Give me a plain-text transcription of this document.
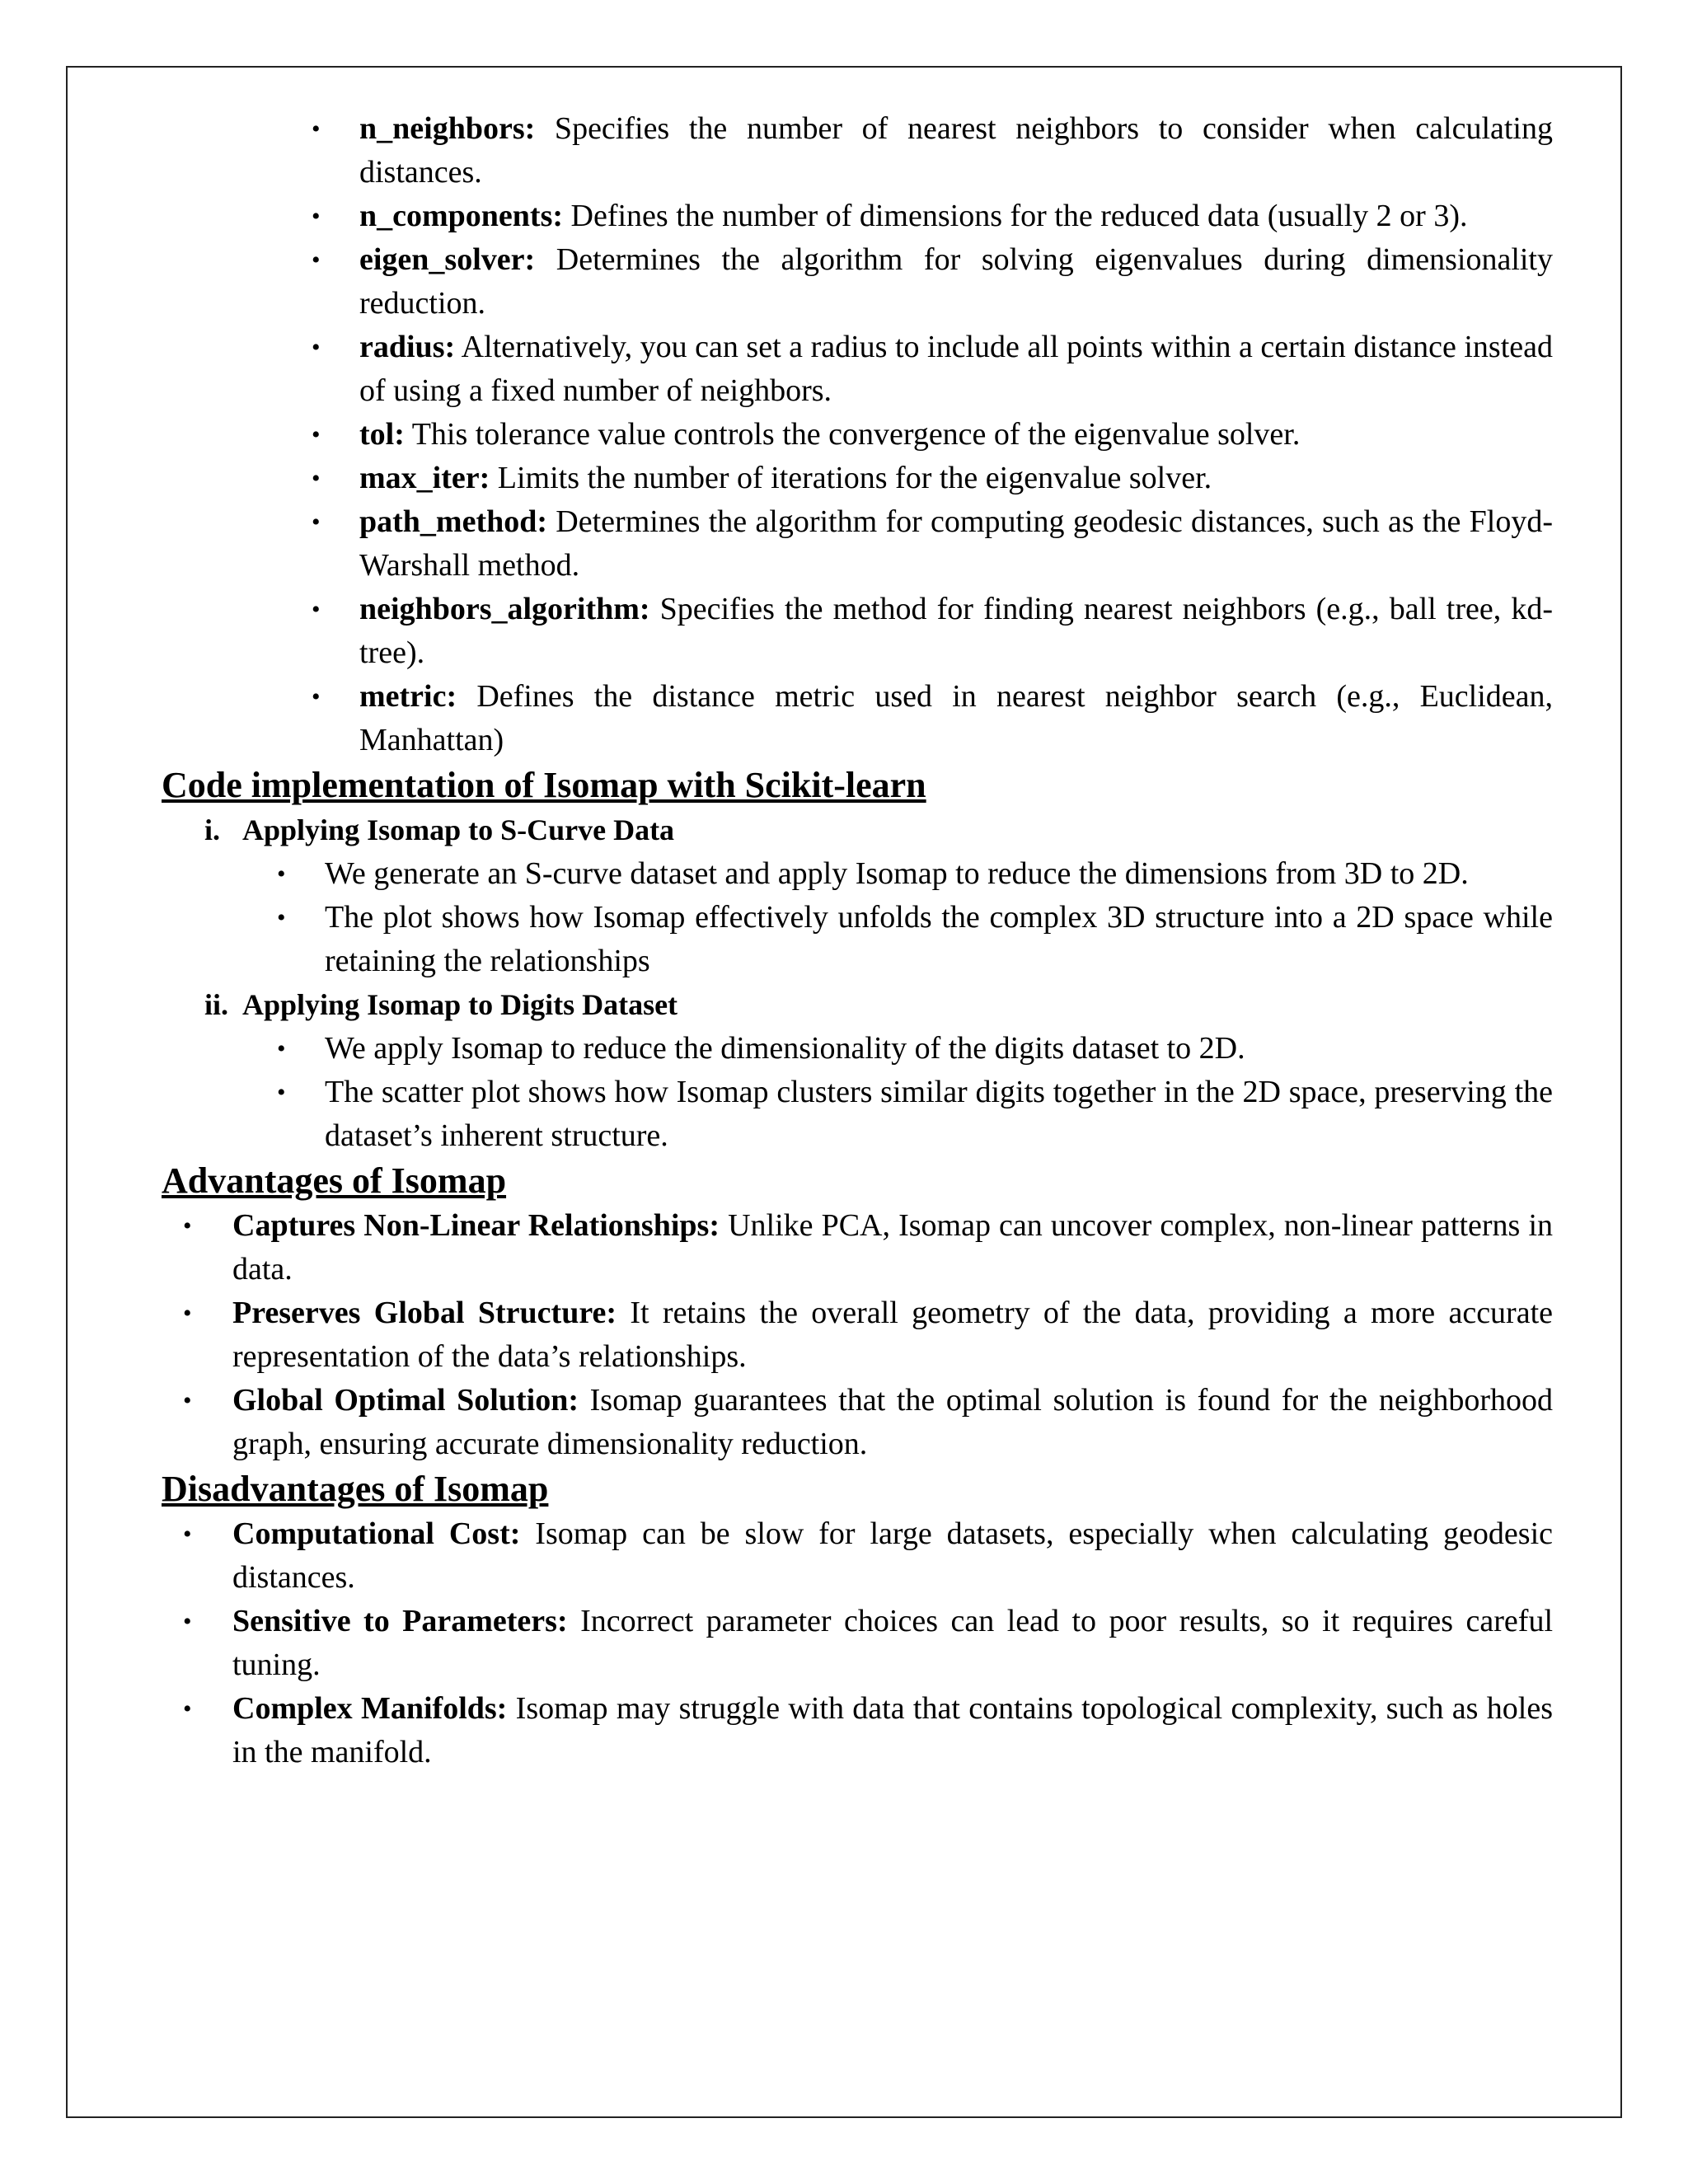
• n_neighbors: Specifies the number of nearest neighbors to consider when calculating distances.
• n_components: Defines the number of dimensions for the reduced data (usually 2 or 3).
• eigen_solver: Determines the algorithm for solving eigenvalues during dimensionality reduction.
• radius: Alternatively, you can set a radius to include all points within a certain distance instead of using a fixed number of neighbors.
• tol: This tolerance value controls the convergence of the eigenvalue solver.
• max_iter: Limits the number of iterations for the eigenvalue solver.
• path_method: Determines the algorithm for computing geodesic distances, such as the Floyd-Warshall method.
• neighbors_algorithm: Specifies the method for finding nearest neighbors (e.g., ball tree, kd-tree).
• metric: Defines the distance metric used in nearest neighbor search (e.g., Euclidean, Manhattan)
Code implementation of Isomap with Scikit-learn
i. Applying Isomap to S-Curve Data
• We generate an S-curve dataset and apply Isomap to reduce the dimensions from 3D to 2D.
• The plot shows how Isomap effectively unfolds the complex 3D structure into a 2D space while retaining the relationships
ii. Applying Isomap to Digits Dataset
• We apply Isomap to reduce the dimensionality of the digits dataset to 2D.
• The scatter plot shows how Isomap clusters similar digits together in the 2D space, preserving the dataset’s inherent structure.
Advantages of Isomap
• Captures Non-Linear Relationships: Unlike PCA, Isomap can uncover complex, non-linear patterns in data.
• Preserves Global Structure: It retains the overall geometry of the data, providing a more accurate representation of the data’s relationships.
• Global Optimal Solution: Isomap guarantees that the optimal solution is found for the neighborhood graph, ensuring accurate dimensionality reduction.
Disadvantages of Isomap
• Computational Cost: Isomap can be slow for large datasets, especially when calculating geodesic distances.
• Sensitive to Parameters: Incorrect parameter choices can lead to poor results, so it requires careful tuning.
• Complex Manifolds: Isomap may struggle with data that contains topological complexity, such as holes in the manifold.
